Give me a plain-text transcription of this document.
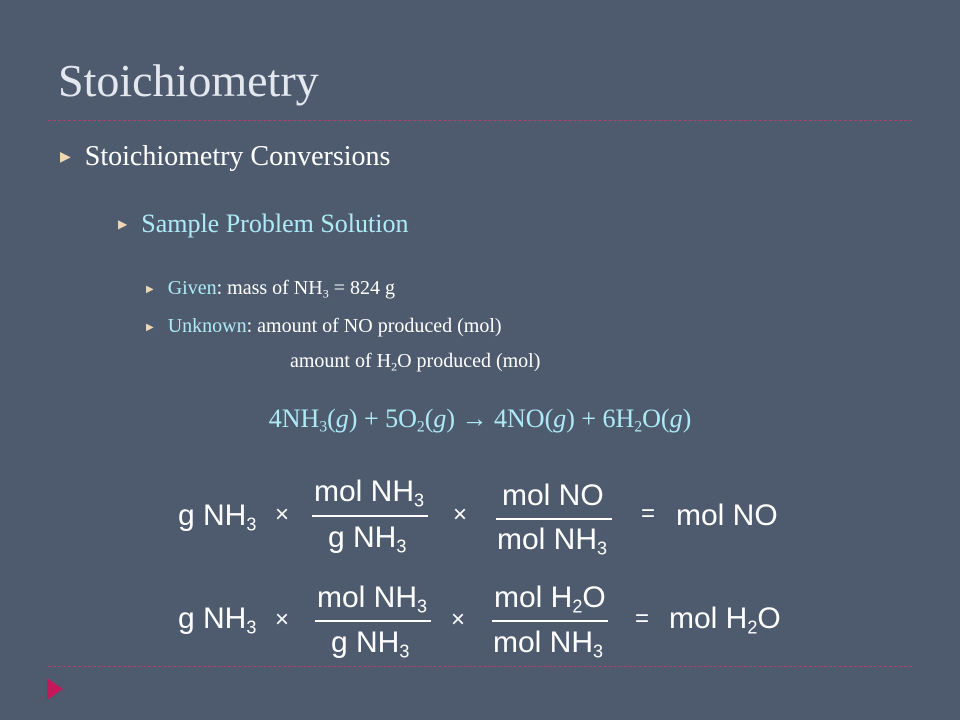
Stoichiometry
▶ Stoichiometry Conversions
▶ Sample Problem Solution
▶ Given: mass of $NH_3 = 824$ g
▶ Unknown: amount of NO produced (mol)
amount of $H_2O$ produced (mol)
$4NH_3(g) + 5O_2(g) \to 4NO(g) + 6H_2O(g)$
g $NH_3$ ×
mol $NH_3$
g $NH_3$
×
mol NO
mol $NH_3$
= mol NO
g $NH_3$ ×
mol $NH_3$
g $NH_3$
×
mol $H_2O$
mol $NH_3$
= mol $H_2O$
